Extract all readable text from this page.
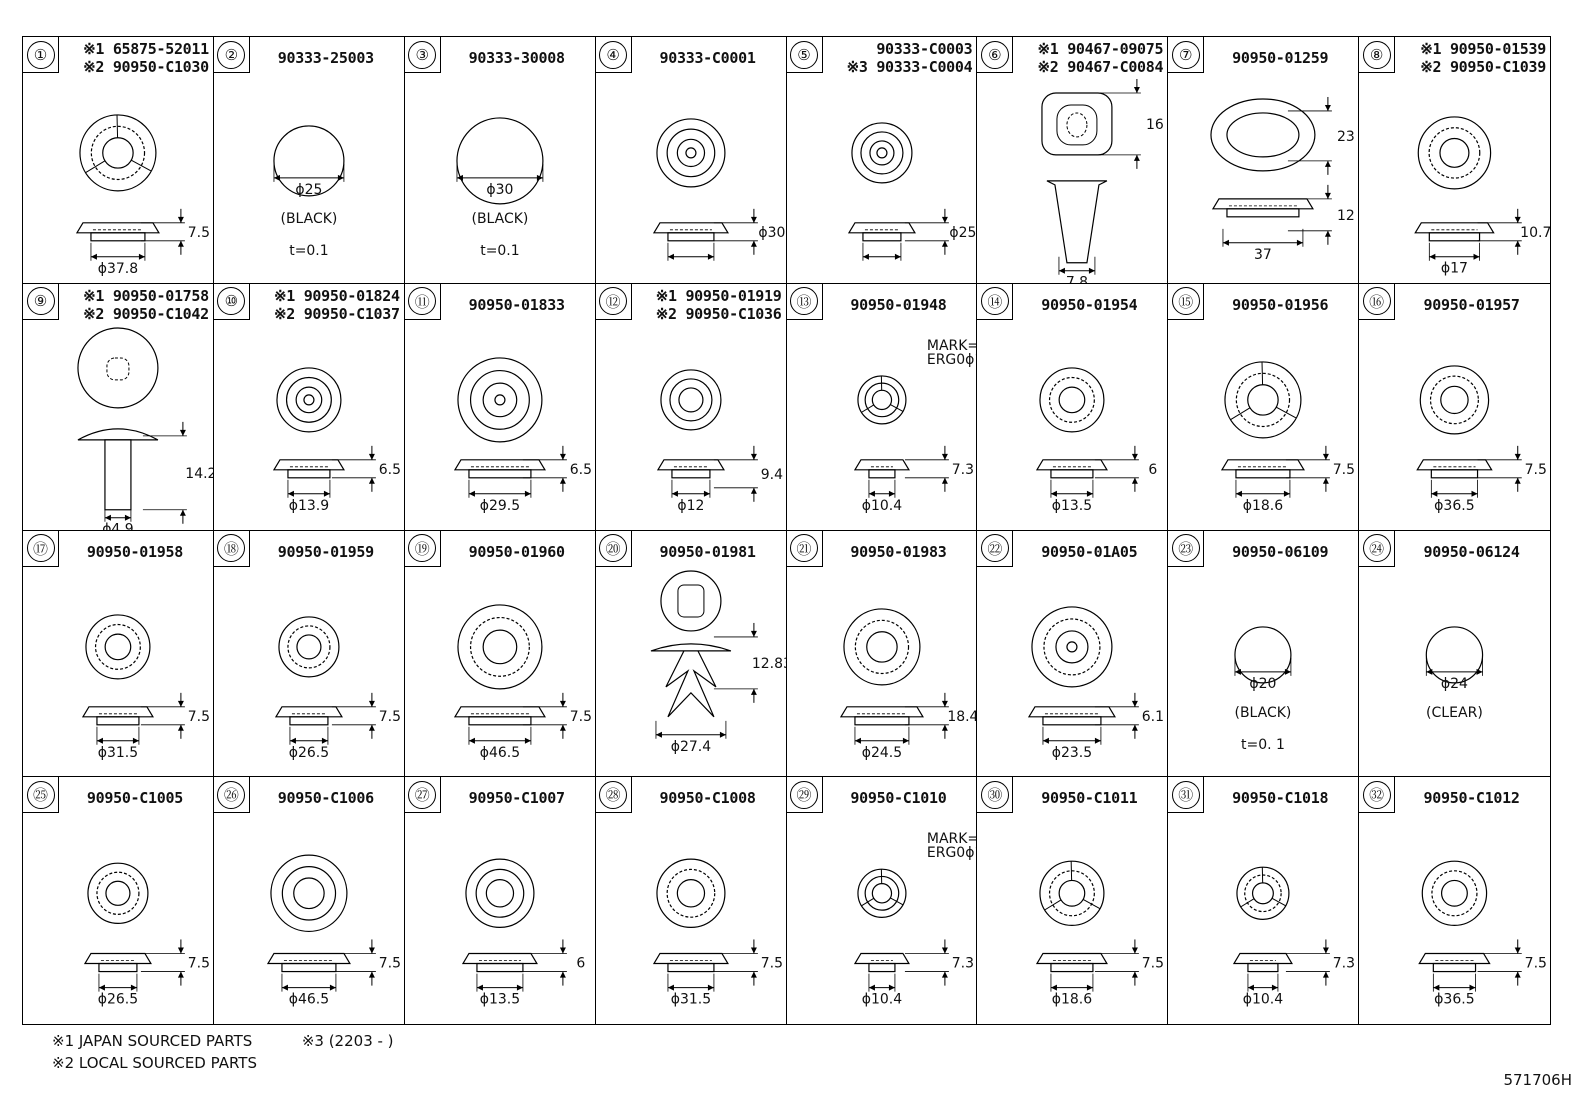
①	※1 65875-52011
※2 90950-C1030
7.5
ϕ37.8
②	90333-25003
ϕ25
(BLACK)
t=0.1
③	90333-30008
ϕ30
(BLACK)
t=0.1
④	90333-C0001
ϕ30
⑤	90333-C0003
※3 90333-C0004
ϕ25
⑥	※1 90467-09075
※2 90467-C0084
16
7.8
⑦	90950-01259
23
12
37
⑧	※1 90950-01539
※2 90950-C1039
10.7
ϕ17
⑨	※1 90950-01758
※2 90950-C1042
14.2
ϕ4.9
⑩	※1 90950-01824
※2 90950-C1037
6.5
ϕ13.9
⑪	90950-01833
6.5
ϕ29.5
⑫	※1 90950-01919
※2 90950-C1036
9.4
ϕ12
⑬	90950-01948
MARK=
ERG0ϕ10
7.3
ϕ10.4
⑭	90950-01954
6
ϕ13.5
⑮	90950-01956
7.5
ϕ18.6
⑯	90950-01957
7.5
ϕ36.5
⑰	90950-01958
7.5
ϕ31.5
⑱	90950-01959
7.5
ϕ26.5
⑲	90950-01960
7.5
ϕ46.5
⑳	90950-01981
12.83
ϕ27.4
㉑	90950-01983
18.4
ϕ24.5
㉒	90950-01A05
6.1
ϕ23.5
㉓	90950-06109
ϕ20
(BLACK)
t=0. 1
㉔	90950-06124
ϕ24
(CLEAR)
㉕	90950-C1005
7.5
ϕ26.5
㉖	90950-C1006
7.5
ϕ46.5
㉗	90950-C1007
6
ϕ13.5
㉘	90950-C1008
7.5
ϕ31.5
㉙	90950-C1010
MARK=
ERG0ϕ10
7.3
ϕ10.4
㉚	90950-C1011
7.5
ϕ18.6
㉛	90950-C1018
7.3
ϕ10.4
㉜	90950-C1012
7.5
ϕ36.5
※1 JAPAN SOURCED PARTS	※3 (2203 - )
※2 LOCAL SOURCED PARTS
571706H
